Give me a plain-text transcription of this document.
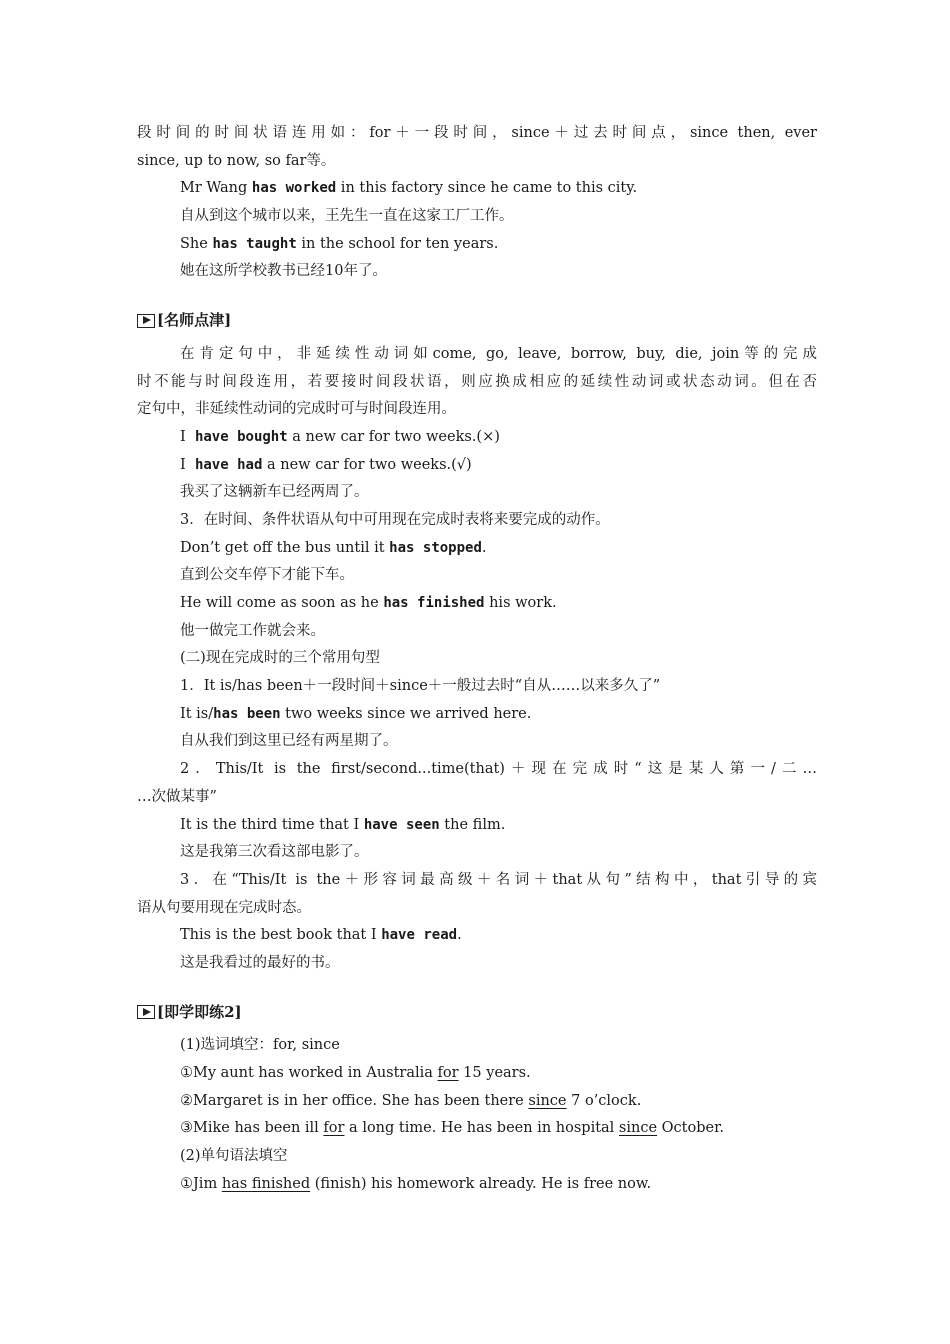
段时间的时间状语连用如：for＋一段时间，since＋过去时间点，since then, ever
since, up to now, so far等。
Mr Wang has worked in this factory since he came to this city.
自从到这个城市以来，王先生一直在这家工厂工作。
She has taught in the school for ten years.
她在这所学校教书已经10年了。
[名师点津]
在肯定句中，非延续性动词如come, go, leave, borrow, buy, die, join等的完成
时不能与时间段连用，若要接时间段状语，则应换成相应的延续性动词或状态动词。但在否
定句中，非延续性动词的完成时可与时间段连用。
I  have bought a new car for two weeks.(×)
I  have had a new car for two weeks.(√)
我买了这辆新车已经两周了。
3．在时间、条件状语从句中可用现在完成时表将来要完成的动作。
Don’t get off the bus until it has stopped.
直到公交车停下才能下车。
He will come as soon as he has finished his work.
他一做完工作就会来。
(二)现在完成时的三个常用句型
1．It is/has been＋一段时间＋since＋一般过去时“自从……以来多久了”
It is/has been two weeks since we arrived here.
自从我们到这里已经有两星期了。
2．This/It is the first/second...time(that)＋现在完成时“这是某人第一/二…
…次做某事”
It is the third time that I have seen the film.
这是我第三次看这部电影了。
3．在“This/It is the＋形容词最高级＋名词＋that从句”结构中，that引导的宾
语从句要用现在完成时态。
This is the best book that I have read.
这是我看过的最好的书。
[即学即练2]
(1)选词填空：for, since
①My aunt has worked in Australia for 15 years.
②Margaret is in her office. She has been there since 7 o’clock.
③Mike has been ill for a long time. He has been in hospital since October.
(2)单句语法填空
①Jim has finished (finish) his homework already. He is free now.
